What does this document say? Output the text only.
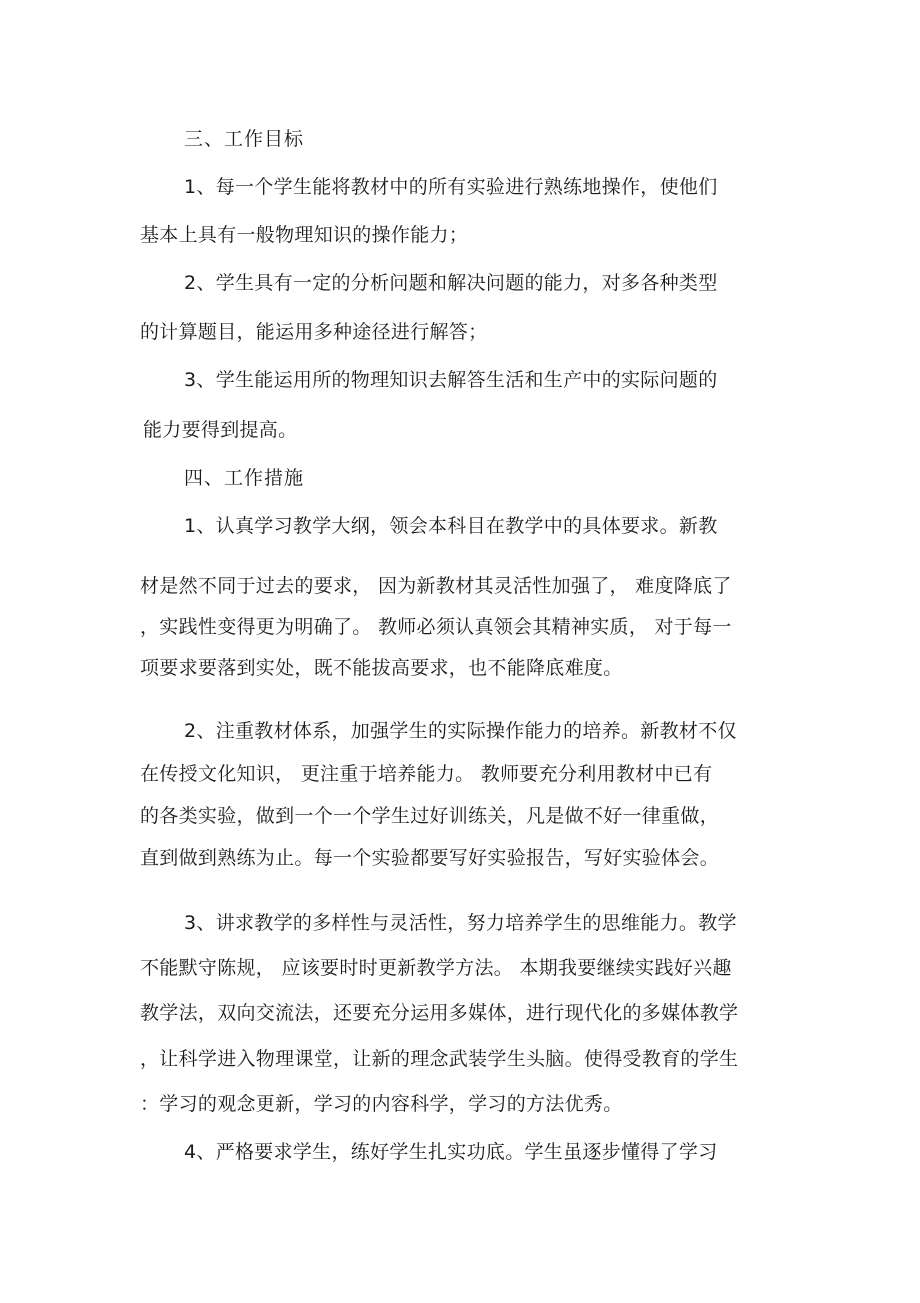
三、工作目标
1、每一个学生能将教材中的所有实验进行熟练地操作，使他们
基本上具有一般物理知识的操作能力；
2、学生具有一定的分析问题和解决问题的能力，对多各种类型
的计算题目，能运用多种途径进行解答；
3、学生能运用所的物理知识去解答生活和生产中的实际问题的
能力要得到提高。
四、工作措施
1、认真学习教学大纲，领会本科目在教学中的具体要求。新教
材是然不同于过去的要求， 因为新教材其灵活性加强了， 难度降底了
，实践性变得更为明确了。 教师必须认真领会其精神实质， 对于每一
项要求要落到实处，既不能拔高要求，也不能降底难度。
2、注重教材体系，加强学生的实际操作能力的培养。新教材不仅
在传授文化知识， 更注重于培养能力。 教师要充分利用教材中已有
的各类实验，做到一个一个学生过好训练关，凡是做不好一律重做，
直到做到熟练为止。每一个实验都要写好实验报告，写好实验体会。
3、讲求教学的多样性与灵活性，努力培养学生的思维能力。教学
不能默守陈规， 应该要时时更新教学方法。 本期我要继续实践好兴趣
教学法，双向交流法，还要充分运用多媒体，进行现代化的多媒体教学
，让科学进入物理课堂，让新的理念武装学生头脑。使得受教育的学生
：学习的观念更新，学习的内容科学，学习的方法优秀。
4、严格要求学生，练好学生扎实功底。学生虽逐步懂得了学习
